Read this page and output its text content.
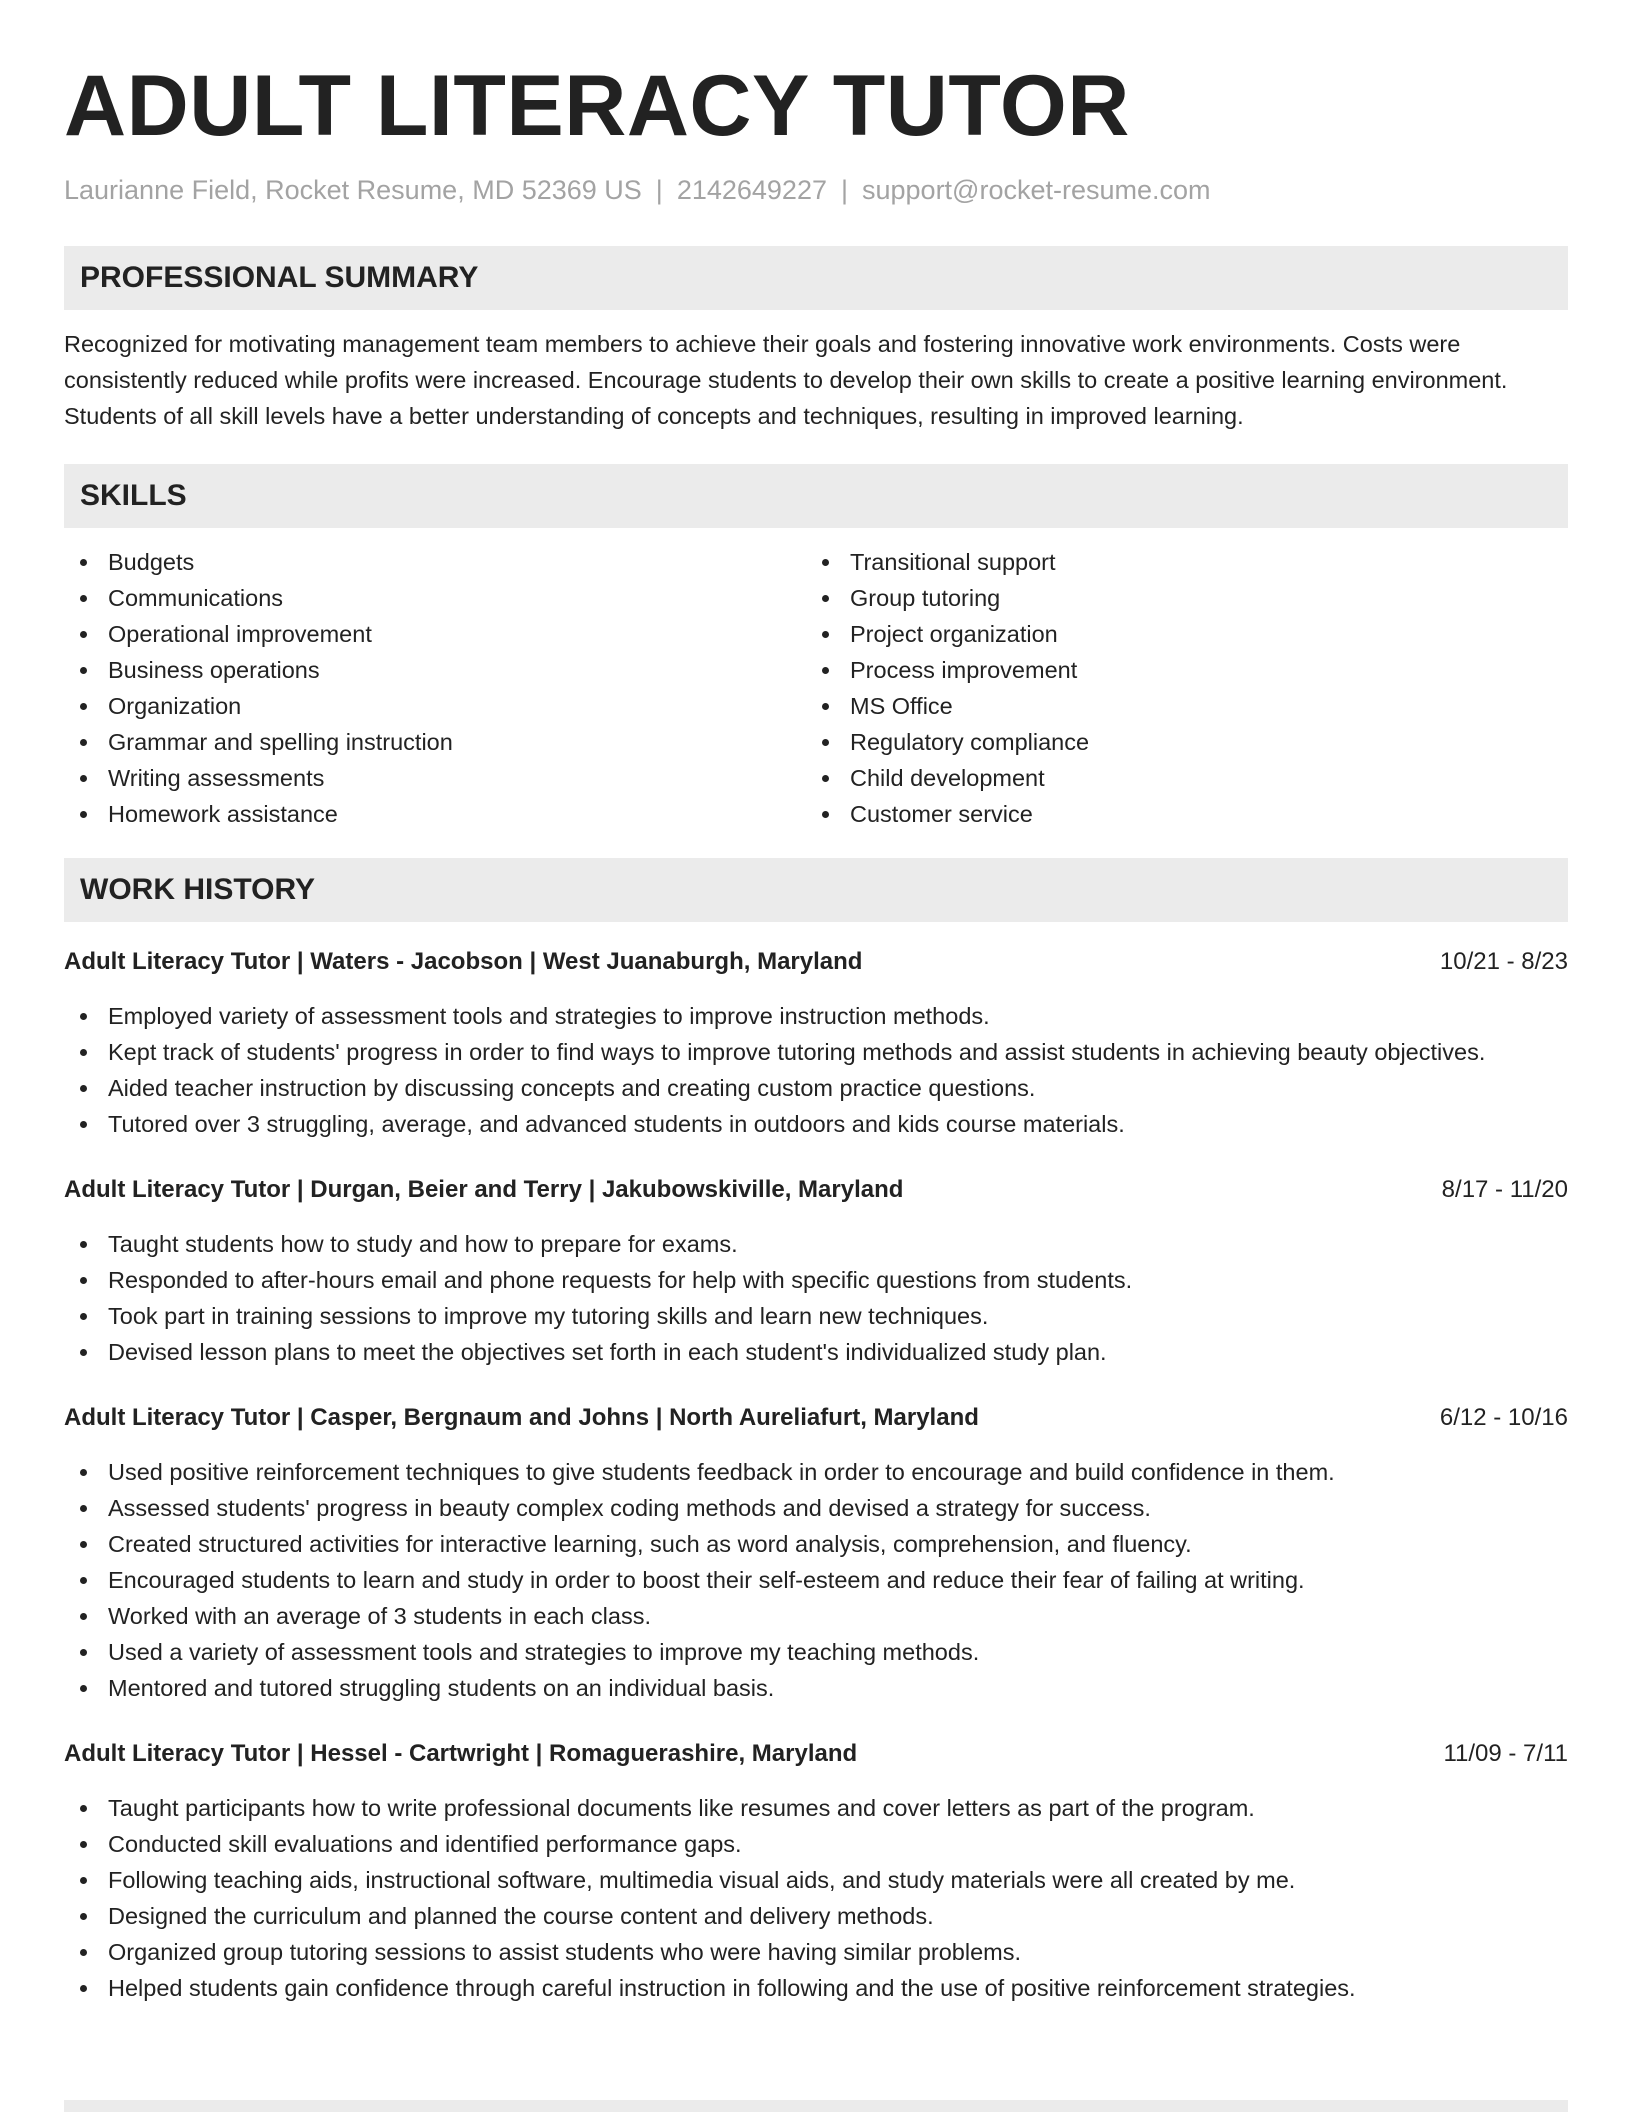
ADULT LITERACY TUTOR
Laurianne Field, Rocket Resume, MD 52369 US | 2142649227 | support@rocket-resume.com
PROFESSIONAL SUMMARY

Recognized for motivating management team members to achieve their goals and fostering innovative work environments. Costs were consistently reduced while profits were increased. Encourage students to develop their own skills to create a positive learning environment. Students of all skill levels have a better understanding of concepts and techniques, resulting in improved learning.

SKILLS
Budgets
Communications
Operational improvement
Business operations
Organization
Grammar and spelling instruction
Writing assessments
Homework assistance
Transitional support
Group tutoring
Project organization
Process improvement
MS Office
Regulatory compliance
Child development
Customer service
WORK HISTORY
Adult Literacy Tutor | Waters - Jacobson | West Juanaburgh, Maryland	10/21 - 8/23
Employed variety of assessment tools and strategies to improve instruction methods.
Kept track of students' progress in order to find ways to improve tutoring methods and assist students in achieving beauty objectives.
Aided teacher instruction by discussing concepts and creating custom practice questions.
Tutored over 3 struggling, average, and advanced students in outdoors and kids course materials.
Adult Literacy Tutor | Durgan, Beier and Terry | Jakubowskiville, Maryland	8/17 - 11/20
Taught students how to study and how to prepare for exams.
Responded to after-hours email and phone requests for help with specific questions from students.
Took part in training sessions to improve my tutoring skills and learn new techniques.
Devised lesson plans to meet the objectives set forth in each student's individualized study plan.
Adult Literacy Tutor | Casper, Bergnaum and Johns | North Aureliafurt, Maryland	6/12 - 10/16
Used positive reinforcement techniques to give students feedback in order to encourage and build confidence in them.
Assessed students' progress in beauty complex coding methods and devised a strategy for success.
Created structured activities for interactive learning, such as word analysis, comprehension, and fluency.
Encouraged students to learn and study in order to boost their self-esteem and reduce their fear of failing at writing.
Worked with an average of 3 students in each class.
Used a variety of assessment tools and strategies to improve my teaching methods.
Mentored and tutored struggling students on an individual basis.
Adult Literacy Tutor | Hessel - Cartwright | Romaguerashire, Maryland	11/09 - 7/11
Taught participants how to write professional documents like resumes and cover letters as part of the program.
Conducted skill evaluations and identified performance gaps.
Following teaching aids, instructional software, multimedia visual aids, and study materials were all created by me.
Designed the curriculum and planned the course content and delivery methods.
Organized group tutoring sessions to assist students who were having similar problems.
Helped students gain confidence through careful instruction in following and the use of positive reinforcement strategies.
